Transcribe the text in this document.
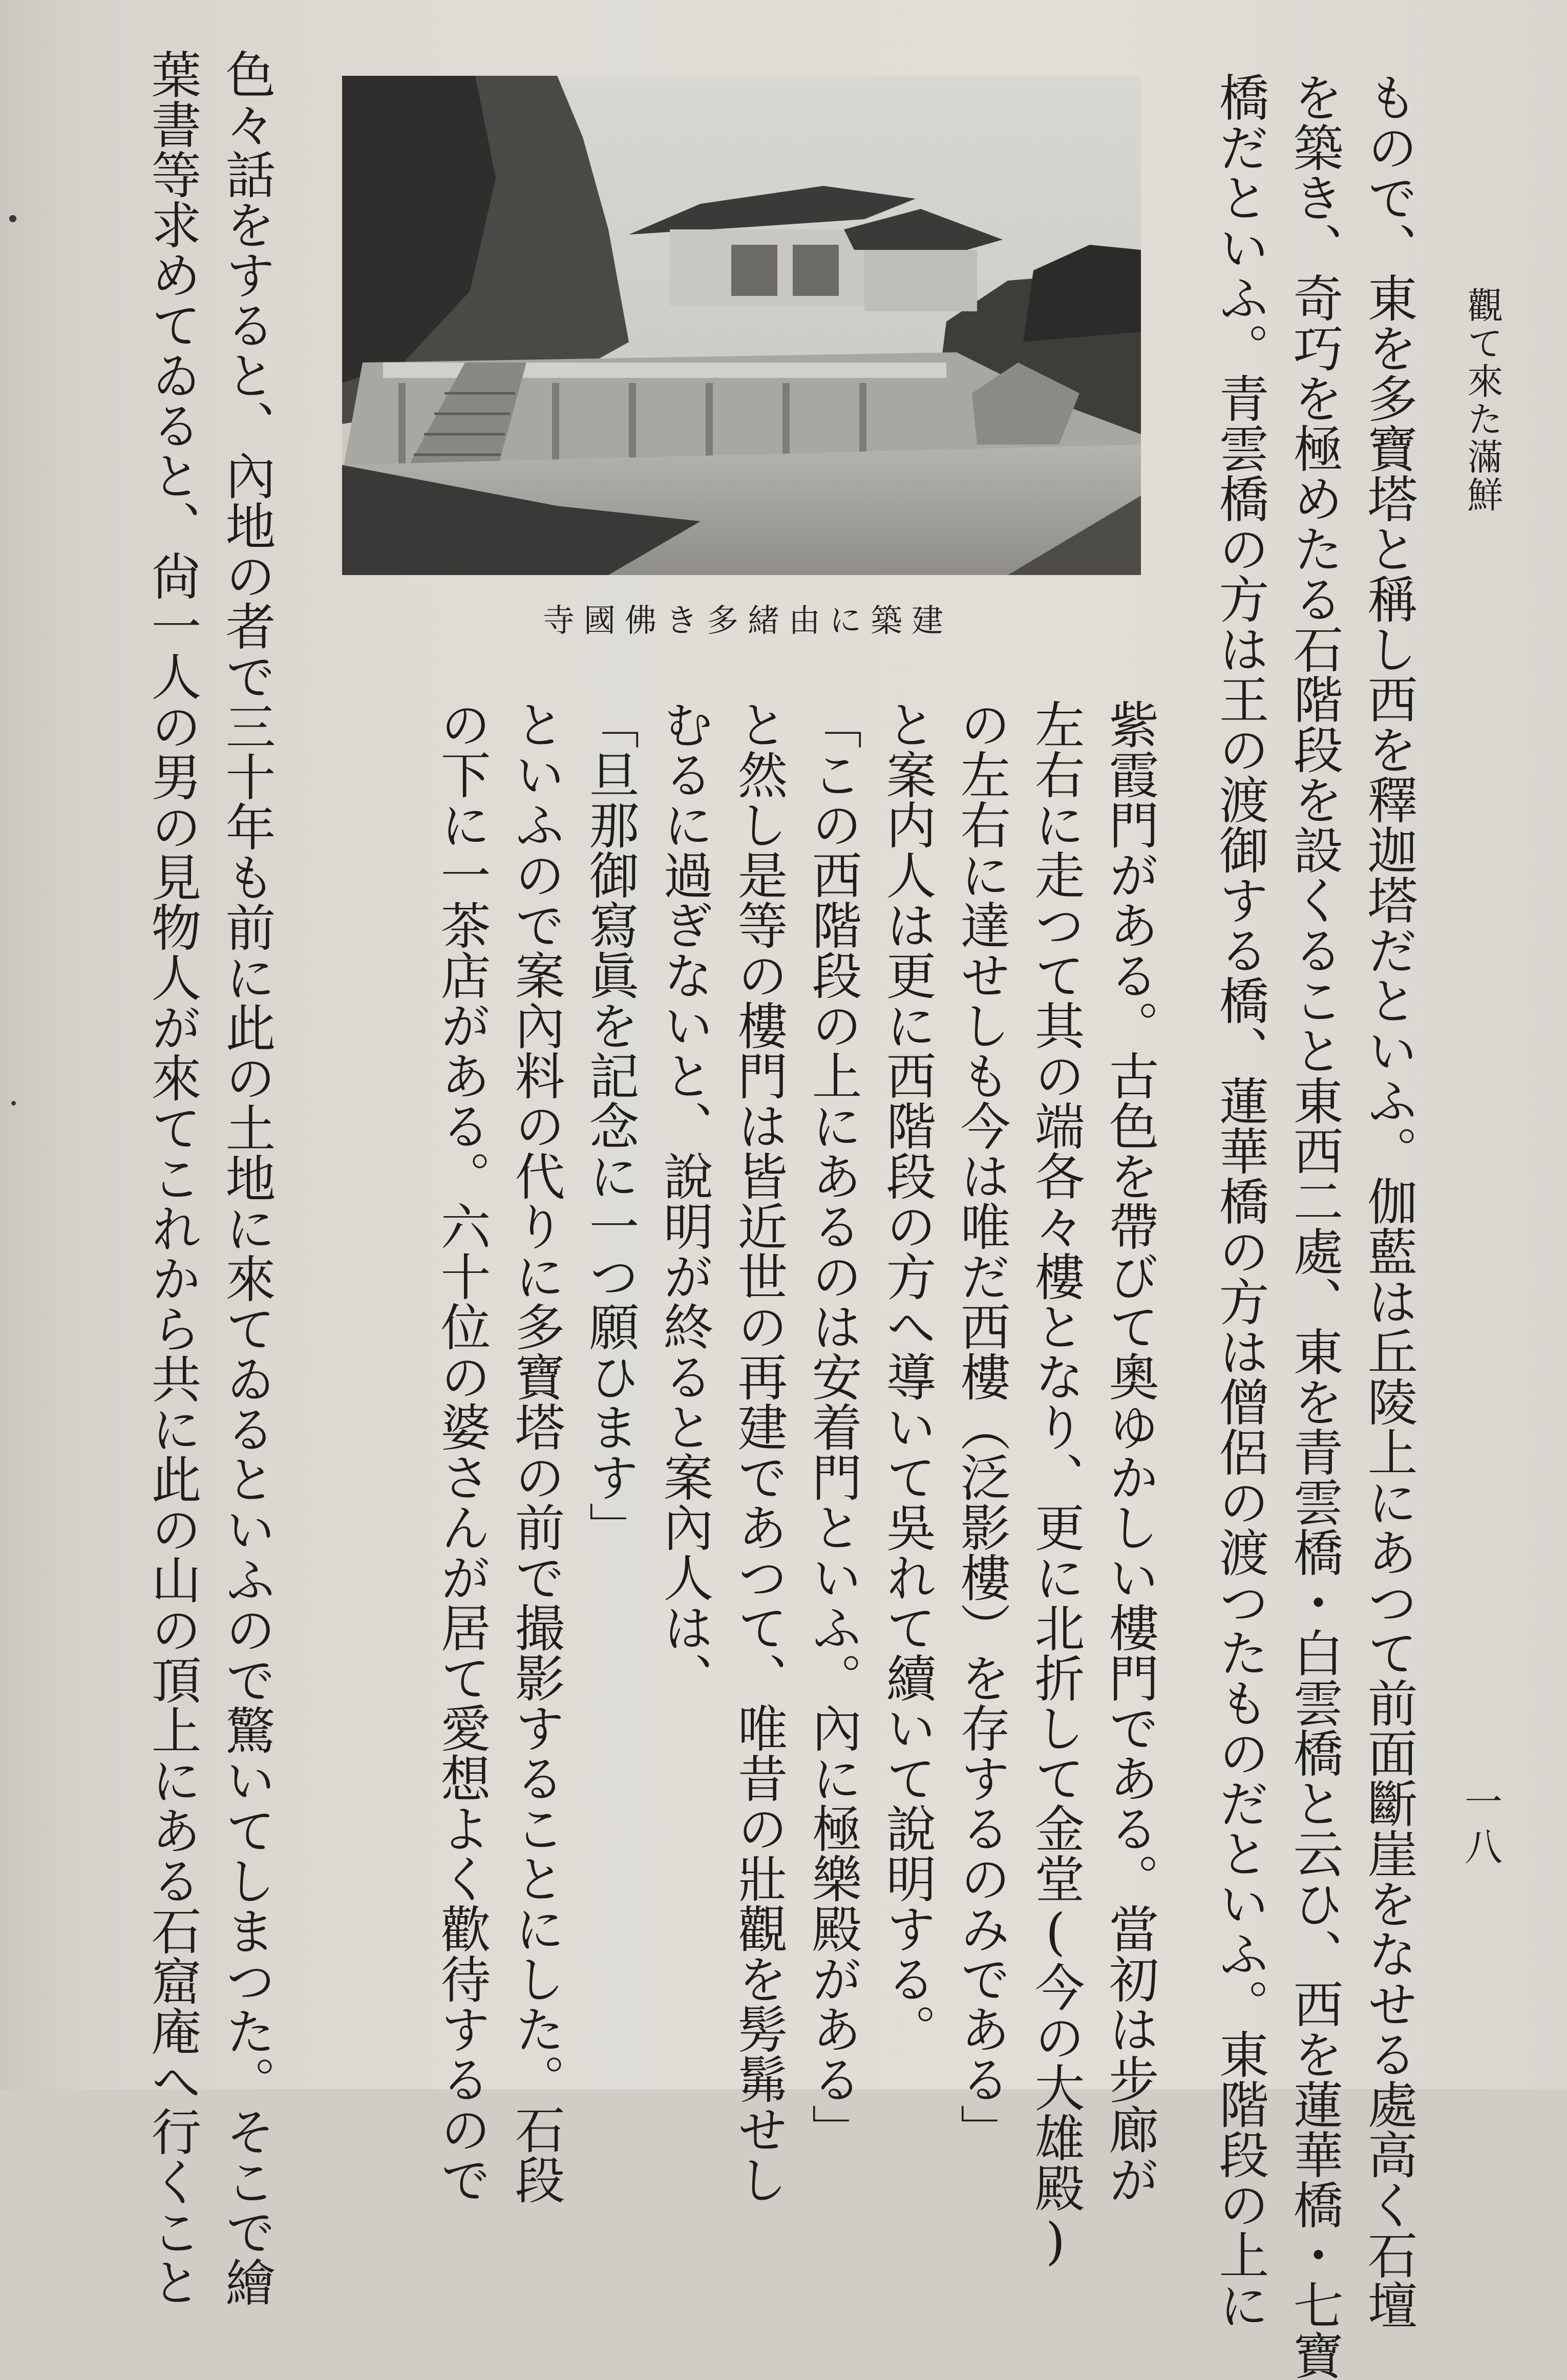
觀て來た滿鮮
もので、東を多寶塔と稱し西を釋迦塔だといふ。伽藍は丘陵上にあつて前面斷崖をなせる處高く石壇
を築き、奇巧を極めたる石階段を設くること東西二處、東を青雲橋・白雲橋と云ひ、西を蓮華橋・七寶
橋だといふ。青雲橋の方は王の渡御する橋、蓮華橋の方は僧侶の渡つたものだといふ。東階段の上に
寺國佛き多緒由に築建
紫霞門がある。古色を帶びて奧ゆかしい樓門である。當初は步廊が
左右に走つて其の端各々樓となり、更に北折して金堂(今の大雄殿)
の左右に達せしも今は唯だ西樓（泛影樓）を存するのみである」
と案内人は更に西階段の方へ導いて吳れて續いて說明する。
「この西階段の上にあるのは安着門といふ。內に極樂殿がある」
と然し是等の樓門は皆近世の再建であつて、唯昔の壯觀を髣髴せし
むるに過ぎないと、說明が終ると案內人は、
「旦那御寫眞を記念に一つ願ひます」
といふので案內料の代りに多寶塔の前で撮影することにした。石段
の下に一茶店がある。六十位の婆さんが居て愛想よく歡待するので
色々話をすると、內地の者で三十年も前に此の土地に來てゐるといふので驚いてしまつた。そこで繪
葉書等求めてゐると、尙一人の男の見物人が來てこれから共に此の山の頂上にある石窟庵へ行くこと	一八
